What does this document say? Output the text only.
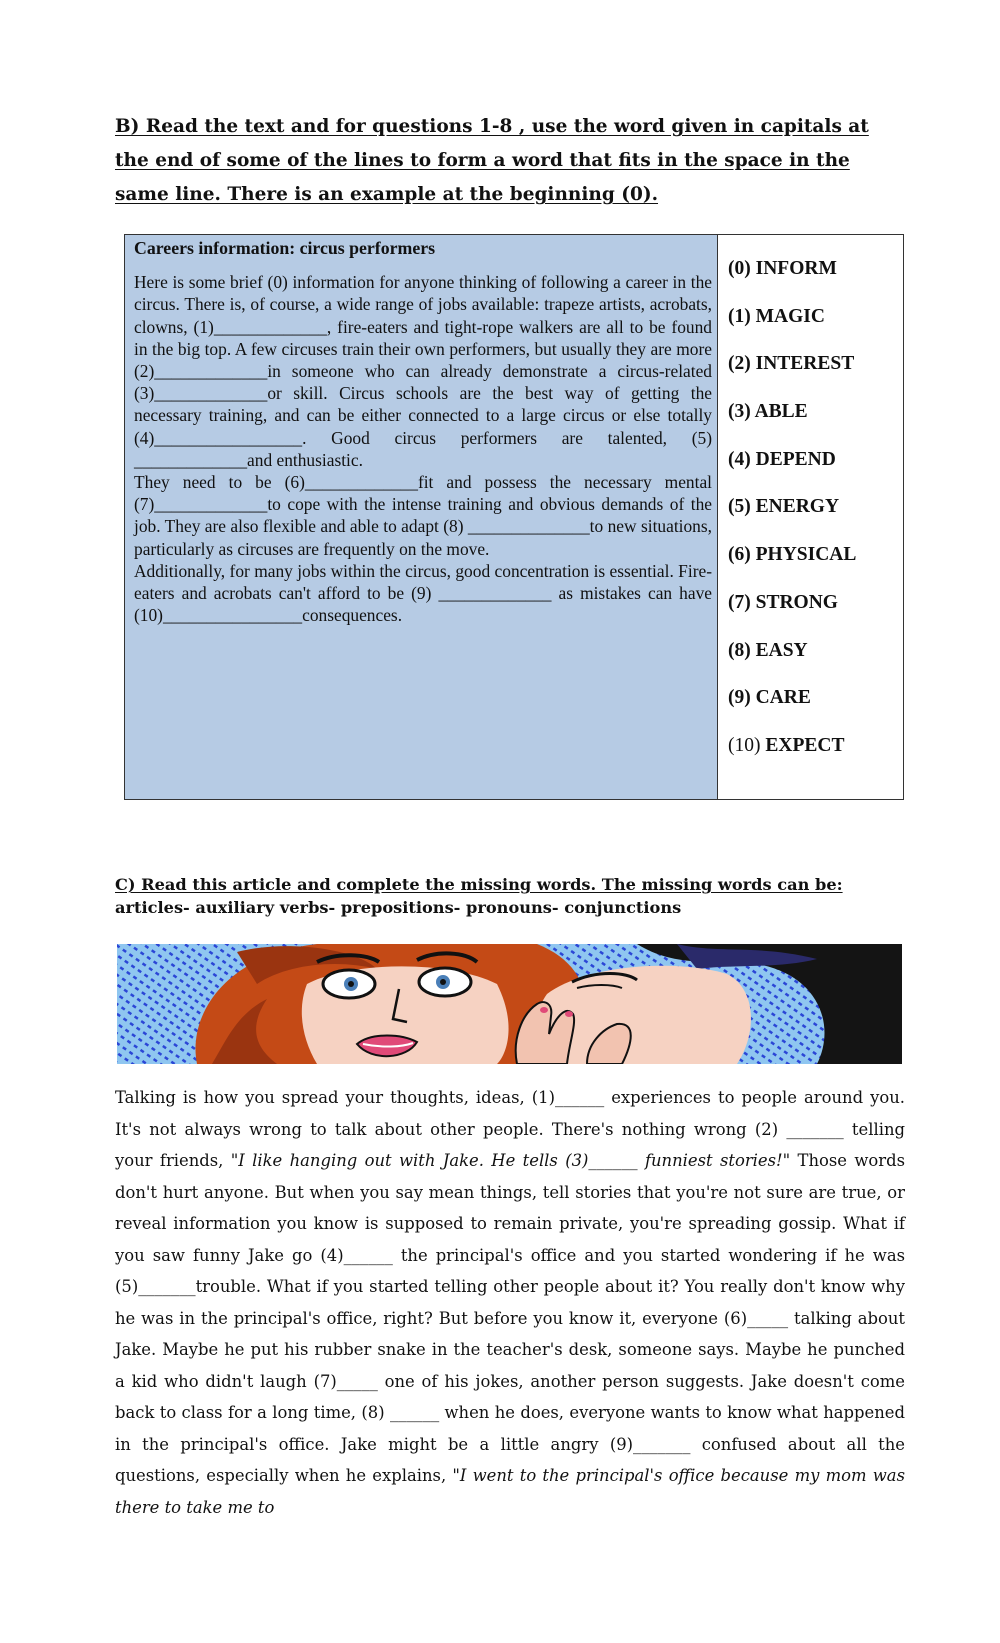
B) Read the text and for questions 1-8 , use the word given in capitals at the end of some of the lines to form a word that fits in the space in the same line. There is an example at the beginning (0).

Careers information: circus performers

Here is some brief (0) information for anyone thinking of following a career in the circus. There is, of course, a wide range of jobs available: trapeze artists, acrobats, clowns, (1)_____________, fire-eaters and tight-rope walkers are all to be found in the big top. A few circuses train their own performers, but usually they are more (2)_____________in someone who can already demonstrate a circus-related (3)_____________or skill. Circus schools are the best way of getting the necessary training, and can be either connected to a large circus or else totally (4)_________________. Good circus performers are talented, (5) _____________and enthusiastic.

They need to be (6)_____________fit and possess the necessary mental (7)_____________to cope with the intense training and obvious demands of the job. They are also flexible and able to adapt (8) ______________to new situations, particularly as circuses are frequently on the move.

Additionally, for many jobs within the circus, good concentration is essential. Fire-eaters and acrobats can't afford to be (9) _____________ as mistakes can have (10)________________consequences.

(0) INFORM
(1) MAGIC
(2) INTEREST
(3) ABLE
(4) DEPEND
(5) ENERGY
(6) PHYSICAL
(7) STRONG
(8) EASY
(9) CARE
(10) EXPECT
C) Read this article and complete the missing words. The missing words can be:
articles- auxiliary verbs- prepositions- pronouns- conjunctions

Talking is how you spread your thoughts, ideas, (1)______ experiences to people around you. It's not always wrong to talk about other people. There's nothing wrong (2) _______ telling your friends, "I like hanging out with Jake. He tells (3)______ funniest stories!" Those words don't hurt anyone. But when you say mean things, tell stories that you're not sure are true, or reveal information you know is supposed to remain private, you're spreading gossip. What if you saw funny Jake go (4)______ the principal's office and you started wondering if he was (5)_______trouble. What if you started telling other people about it? You really don't know why he was in the principal's office, right? But before you know it, everyone (6)_____ talking about Jake. Maybe he put his rubber snake in the teacher's desk, someone says. Maybe he punched a kid who didn't laugh (7)_____ one of his jokes, another person suggests. Jake doesn't come back to class for a long time, (8) ______ when he does, everyone wants to know what happened in the principal's office. Jake might be a little angry (9)_______ confused about all the questions, especially when he explains, "I went to the principal's office because my mom was there to take me to
